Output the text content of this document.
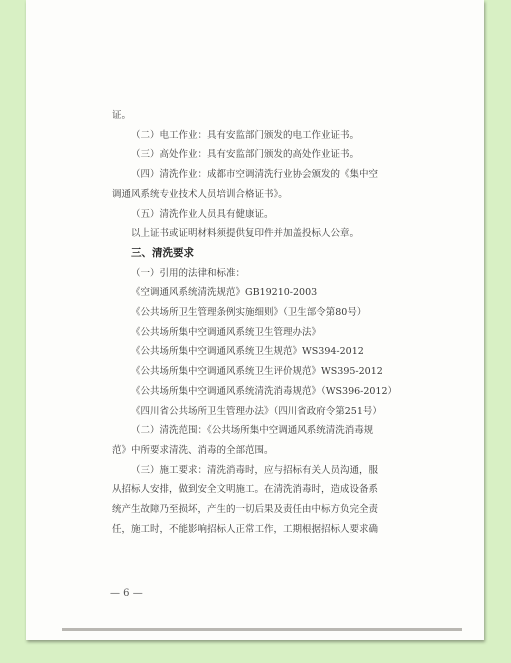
证。
（二）电工作业：具有安监部门颁发的电工作业证书。
（三）高处作业：具有安监部门颁发的高处作业证书。
（四）清洗作业：成都市空调清洗行业协会颁发的《集中空
调通风系统专业技术人员培训合格证书》。
（五）清洗作业人员具有健康证。
以上证书或证明材料须提供复印件并加盖投标人公章。
三、清洗要求
（一）引用的法律和标准：
《空调通风系统清洗规范》GB19210-2003
《公共场所卫生管理条例实施细则》（卫生部令第80号）
《公共场所集中空调通风系统卫生管理办法》
《公共场所集中空调通风系统卫生规范》WS394-2012
《公共场所集中空调通风系统卫生评价规范》WS395-2012
《公共场所集中空调通风系统清洗消毒规范》（WS396-2012）
《四川省公共场所卫生管理办法》（四川省政府令第251号）
（二）清洗范围：《公共场所集中空调通风系统清洗消毒规
范》中所要求清洗、消毒的全部范围。
（三）施工要求：清洗消毒时，应与招标有关人员沟通，服
从招标人安排，做到安全文明施工。在清洗消毒时，造成设备系
统产生故障乃至损坏，产生的一切后果及责任由中标方负完全责
任，施工时，不能影响招标人正常工作，工期根据招标人要求确
— 6 —
